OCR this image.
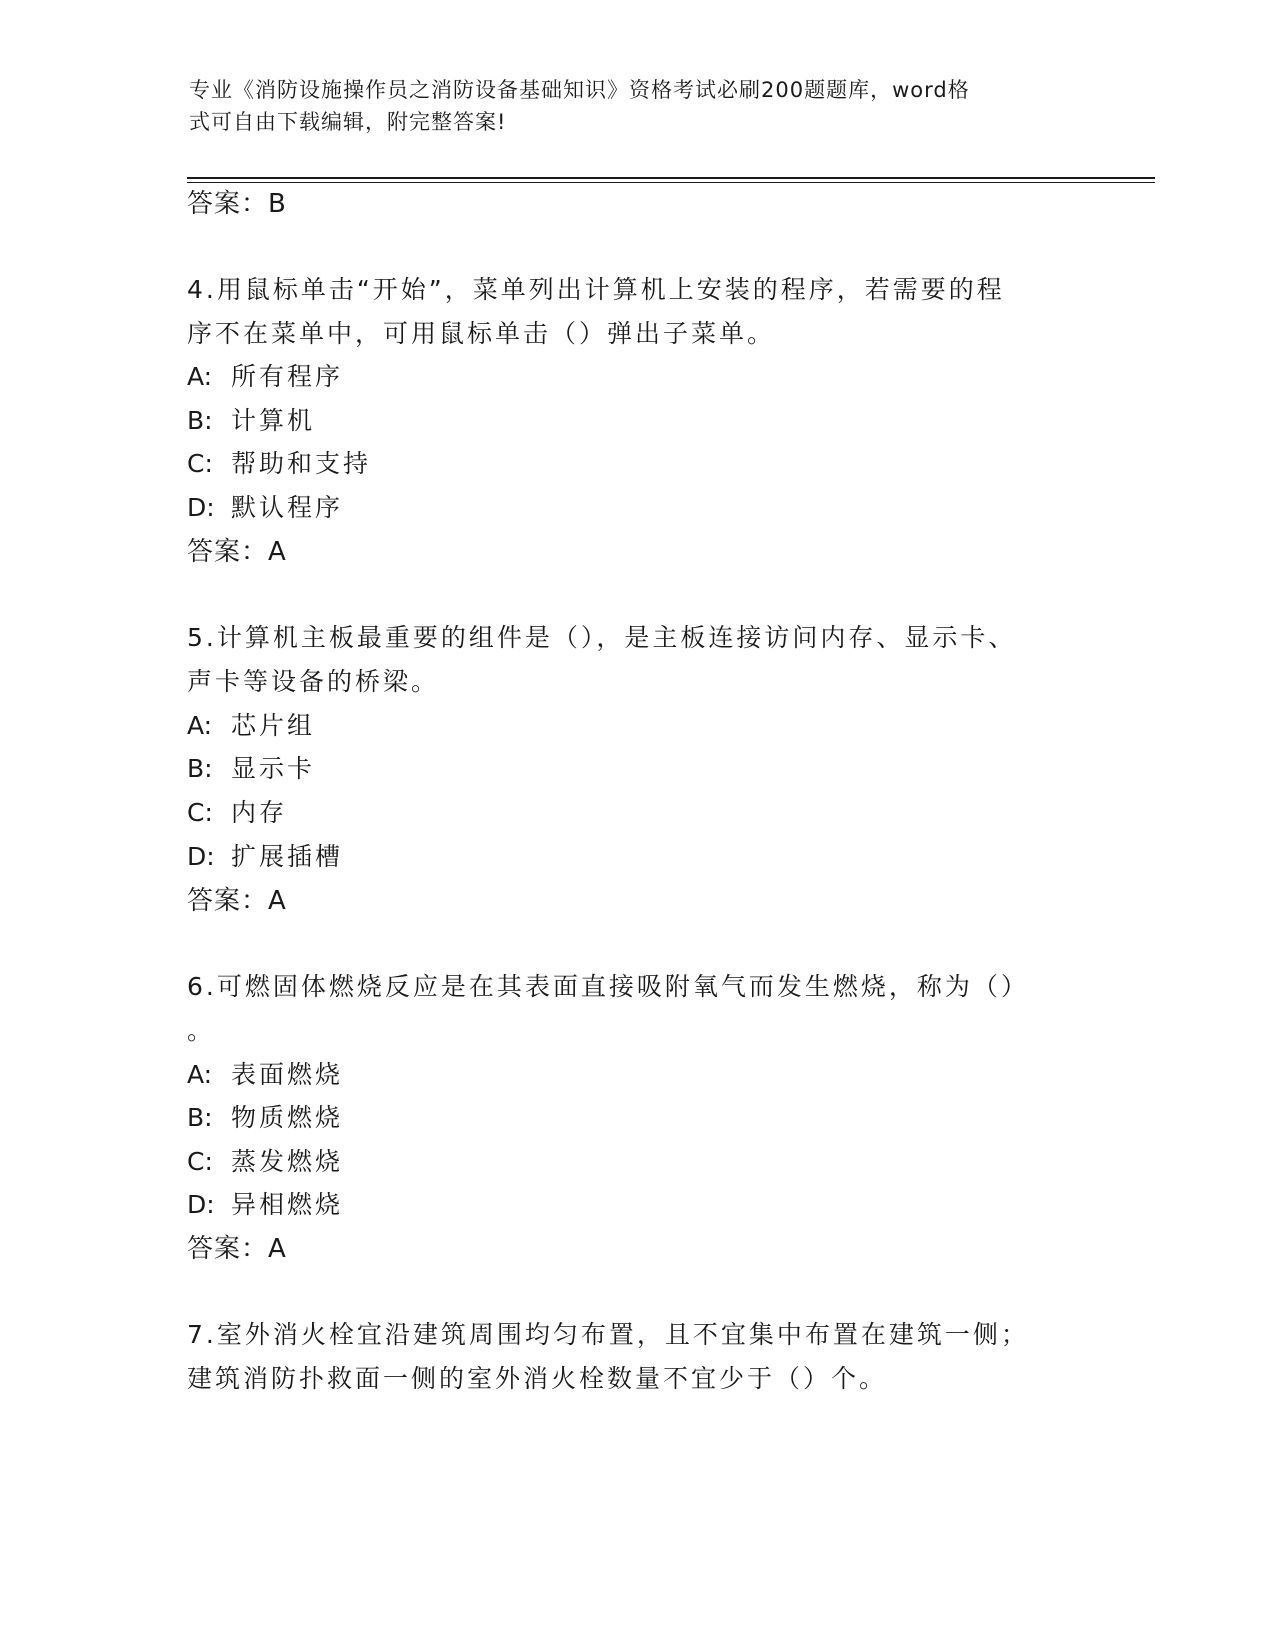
专业《消防设施操作员之消防设备基础知识》资格考试必刷200题题库，word格
式可自由下载编辑，附完整答案!
答案：B
4.用鼠标单击“开始”，菜单列出计算机上安装的程序，若需要的程
序不在菜单中，可用鼠标单击（）弹出子菜单。
A: 所有程序
B: 计算机
C: 帮助和支持
D: 默认程序
答案：A
5.计算机主板最重要的组件是（），是主板连接访问内存、显示卡、
声卡等设备的桥梁。
A: 芯片组
B: 显示卡
C: 内存
D: 扩展插槽
答案：A
6.可燃固体燃烧反应是在其表面直接吸附氧气而发生燃烧，称为（）
。
A: 表面燃烧
B: 物质燃烧
C: 蒸发燃烧
D: 异相燃烧
答案：A
7.室外消火栓宜沿建筑周围均匀布置，且不宜集中布置在建筑一侧；
建筑消防扑救面一侧的室外消火栓数量不宜少于（）个。
